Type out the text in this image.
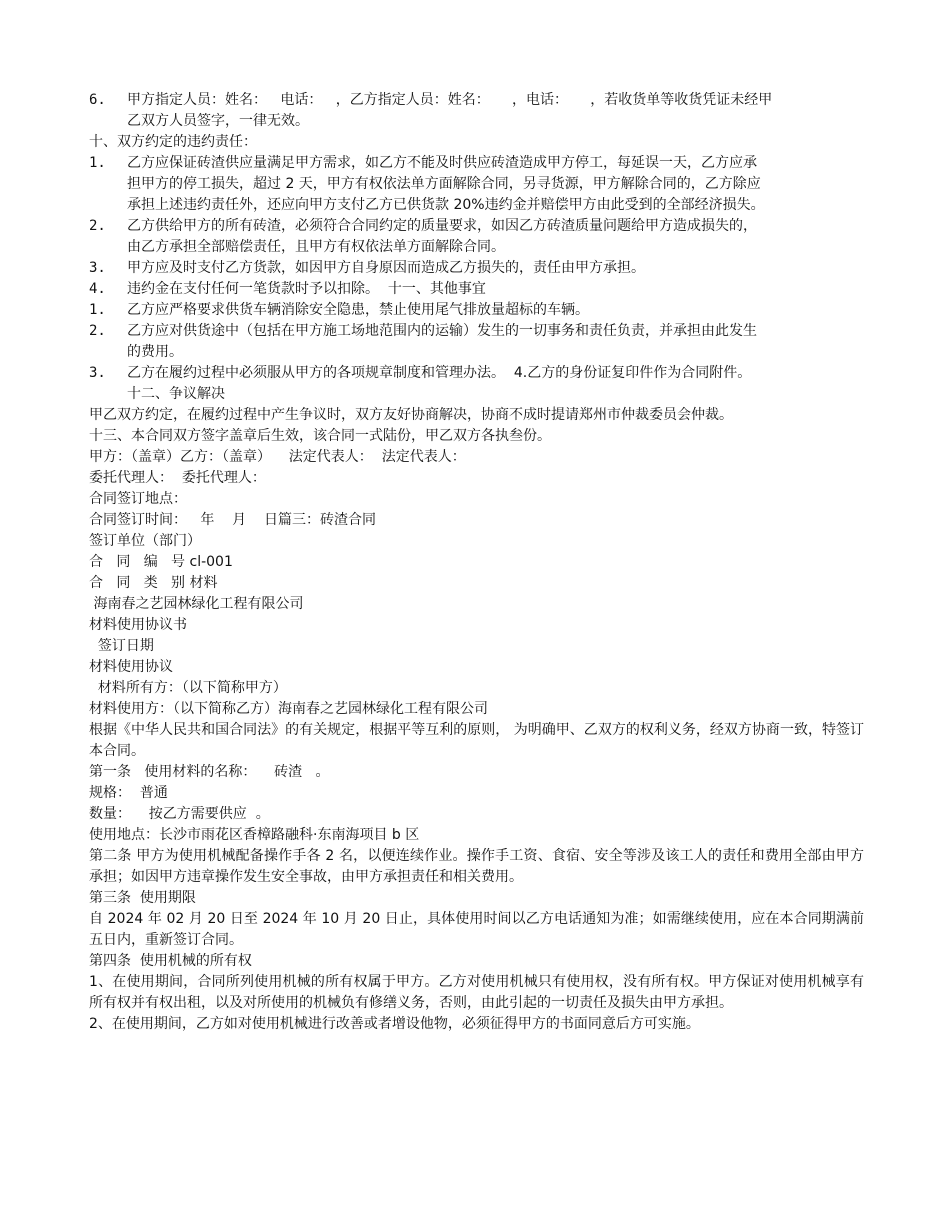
6.	甲方指定人员：姓名：   电话：   ，乙方指定人员：姓名：     ，电话：     ，若收货单等收货凭证未经甲
乙双方人员签字，一律无效。
十、双方约定的违约责任：
1.	乙方应保证砖渣供应量满足甲方需求，如乙方不能及时供应砖渣造成甲方停工，每延误一天，乙方应承
担甲方的停工损失，超过 2 天，甲方有权依法单方面解除合同，另寻货源，甲方解除合同的，乙方除应
承担上述违约责任外，还应向甲方支付乙方已供货款 20%违约金并赔偿甲方由此受到的全部经济损失。
2.	乙方供给甲方的所有砖渣，必须符合合同约定的质量要求，如因乙方砖渣质量问题给甲方造成损失的，
由乙方承担全部赔偿责任，且甲方有权依法单方面解除合同。
3.	甲方应及时支付乙方货款，如因甲方自身原因而造成乙方损失的，责任由甲方承担。
4.	违约金在支付任何一笔货款时予以扣除。  十一、其他事宜
1.	乙方应严格要求供货车辆消除安全隐患，禁止使用尾气排放量超标的车辆。
2.	乙方应对供货途中（包括在甲方施工场地范围内的运输）发生的一切事务和责任负责，并承担由此发生
的费用。
3.	乙方在履约过程中必须服从甲方的各项规章制度和管理办法。  4.乙方的身份证复印件作为合同附件。
十二、争议解决
甲乙双方约定，在履约过程中产生争议时，双方友好协商解决，协商不成时提请郑州市仲裁委员会仲裁。
十三、本合同双方签字盖章后生效，该合同一式陆份，甲乙双方各执叁份。
甲方：（盖章）乙方：（盖章）    法定代表人：  法定代表人：
委托代理人：  委托代理人：
合同签订地点：
合同签订时间：   年    月    日篇三：砖渣合同
签订单位（部门）
合   同   编   号 cl-001
合   同   类   别 材料
海南春之艺园林绿化工程有限公司
材料使用协议书
签订日期
材料使用协议
材料所有方：（以下简称甲方）
材料使用方：（以下简称乙方）海南春之艺园林绿化工程有限公司
根据《中华人民共和国合同法》的有关规定，根据平等互利的原则， 为明确甲、乙双方的权利义务，经双方协商一致，特签订本合同。
第一条   使用材料的名称：    砖渣   。
规格：  普通
数量：    按乙方需要供应  。
使用地点：长沙市雨花区香樟路融科·东南海项目 b 区
第二条 甲方为使用机械配备操作手各 2 名，以便连续作业。操作手工资、食宿、安全等涉及该工人的责任和费用全部由甲方承担；如因甲方违章操作发生安全事故，由甲方承担责任和相关费用。
第三条  使用期限
自 2024 年 02 月 20 日至 2024 年 10 月 20 日止，具体使用时间以乙方电话通知为准；如需继续使用，应在本合同期满前五日内，重新签订合同。
第四条  使用机械的所有权
1、在使用期间，合同所列使用机械的所有权属于甲方。乙方对使用机械只有使用权，没有所有权。甲方保证对使用机械享有所有权并有权出租，以及对所使用的机械负有修缮义务，否则，由此引起的一切责任及损失由甲方承担。
2、在使用期间，乙方如对使用机械进行改善或者增设他物，必须征得甲方的书面同意后方可实施。
